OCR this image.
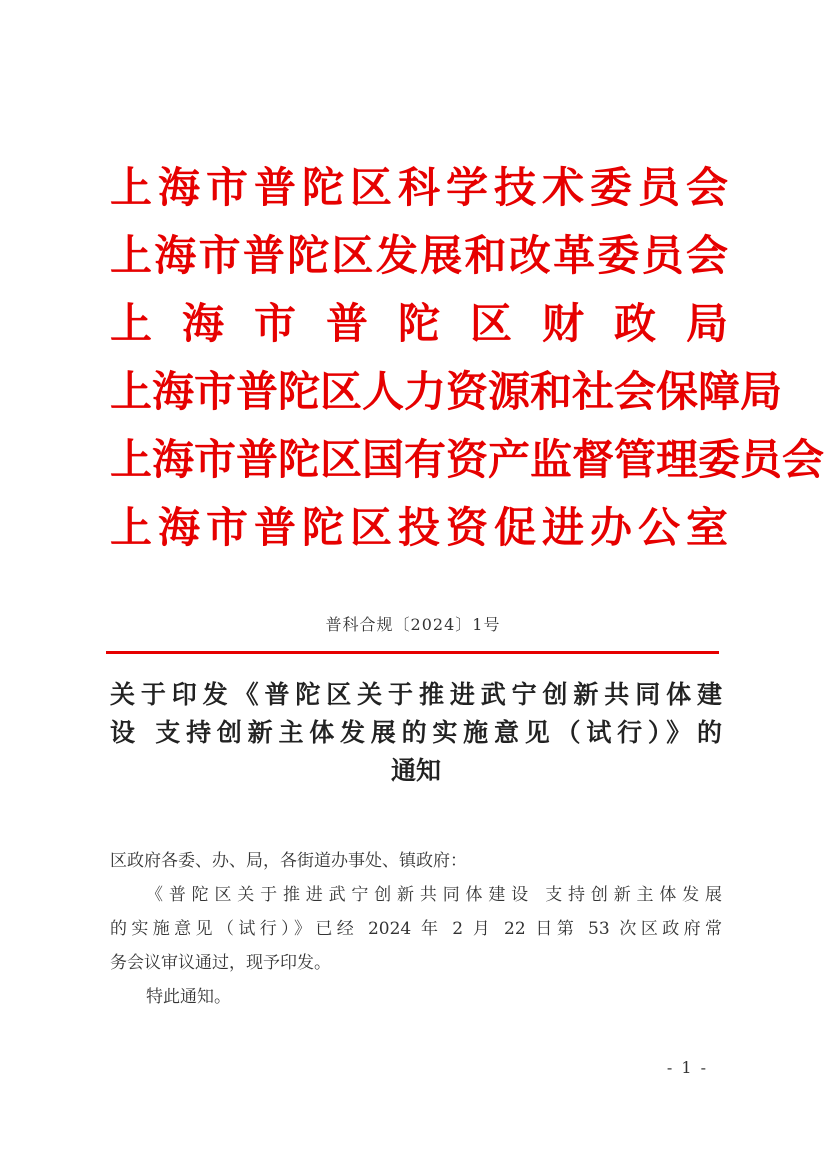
上海市普陀区科学技术委员会
上海市普陀区发展和改革委员会
上 海 市 普 陀 区 财 政 局
上海市普陀区人力资源和社会保障局
上海市普陀区国有资产监督管理委员会
上海市普陀区投资促进办公室
普科合规〔2024〕1号
关于印发《普陀区关于推进武宁创新共同体建
设 支持创新主体发展的实施意见（试行）》的
通知
区政府各委、办、局，各街道办事处、镇政府：
《普陀区关于推进武宁创新共同体建设 支持创新主体发展
的实施意见（试行）》已经 2024 年 2 月 22 日第 53 次区政府常
务会议审议通过，现予印发。
特此通知。
- 1 -
